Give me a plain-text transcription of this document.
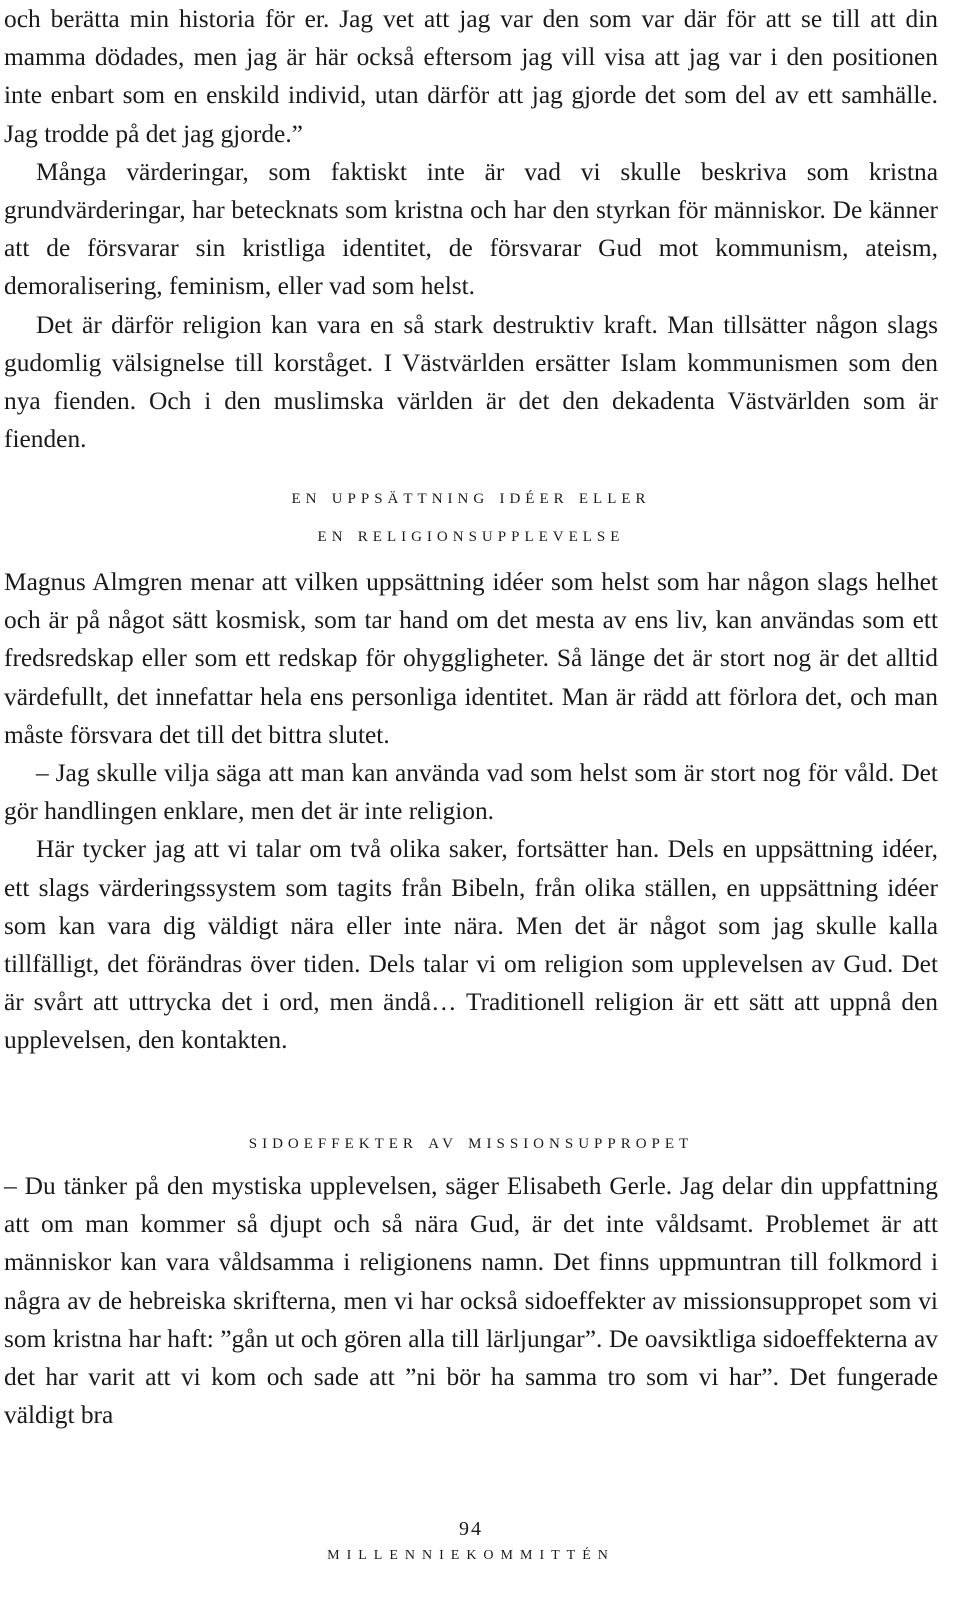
och berätta min historia för er. Jag vet att jag var den som var där för att se till att din mamma dödades, men jag är här också eftersom jag vill visa att jag var i den positionen inte enbart som en enskild individ, utan därför att jag gjorde det som del av ett samhälle. Jag trodde på det jag gjorde.”

Många värderingar, som faktiskt inte är vad vi skulle beskriva som kristna grundvärderingar, har betecknats som kristna och har den styrkan för människor. De känner att de försvarar sin kristliga identitet, de försvarar Gud mot kommunism, ateism, demoralisering, feminism, eller vad som helst.

Det är därför religion kan vara en så stark destruktiv kraft. Man tillsätter någon slags gudomlig välsignelse till korståget. I Västvärlden ersätter Islam kommunismen som den nya fienden. Och i den muslimska världen är det den dekadenta Västvärlden som är fienden.

en uppsättning idéer eller

en religionsupplevelse

Magnus Almgren menar att vilken uppsättning idéer som helst som har någon slags helhet och är på något sätt kosmisk, som tar hand om det mesta av ens liv, kan användas som ett fredsredskap eller som ett redskap för ohyggligheter. Så länge det är stort nog är det alltid värdefullt, det innefattar hela ens personliga identitet. Man är rädd att förlora det, och man måste försvara det till det bittra slutet.

– Jag skulle vilja säga att man kan använda vad som helst som är stort nog för våld. Det gör handlingen enklare, men det är inte religion.

Här tycker jag att vi talar om två olika saker, fortsätter han. Dels en uppsättning idéer, ett slags värderingssystem som tagits från Bibeln, från olika ställen, en uppsättning idéer som kan vara dig väldigt nära eller inte nära. Men det är något som jag skulle kalla tillfälligt, det förändras över tiden. Dels talar vi om religion som upplevelsen av Gud. Det är svårt att uttrycka det i ord, men ändå… Traditionell religion är ett sätt att uppnå den upplevelsen, den kontakten.

sidoeffekter av missionsuppropet

– Du tänker på den mystiska upplevelsen, säger Elisabeth Gerle. Jag delar din uppfattning att om man kommer så djupt och så nära Gud, är det inte våldsamt. Problemet är att människor kan vara våldsamma i religionens namn. Det finns uppmuntran till folkmord i några av de hebreiska skrifterna, men vi har också sidoeffekter av missionsuppropet som vi som kristna har haft: ”gån ut och gören alla till lärljungar”. De oavsiktliga sidoeffekterna av det har varit att vi kom och sade att ”ni bör ha samma tro som vi har”. Det fungerade väldigt bra

94
MILLENNIEKOMMITTÉN
